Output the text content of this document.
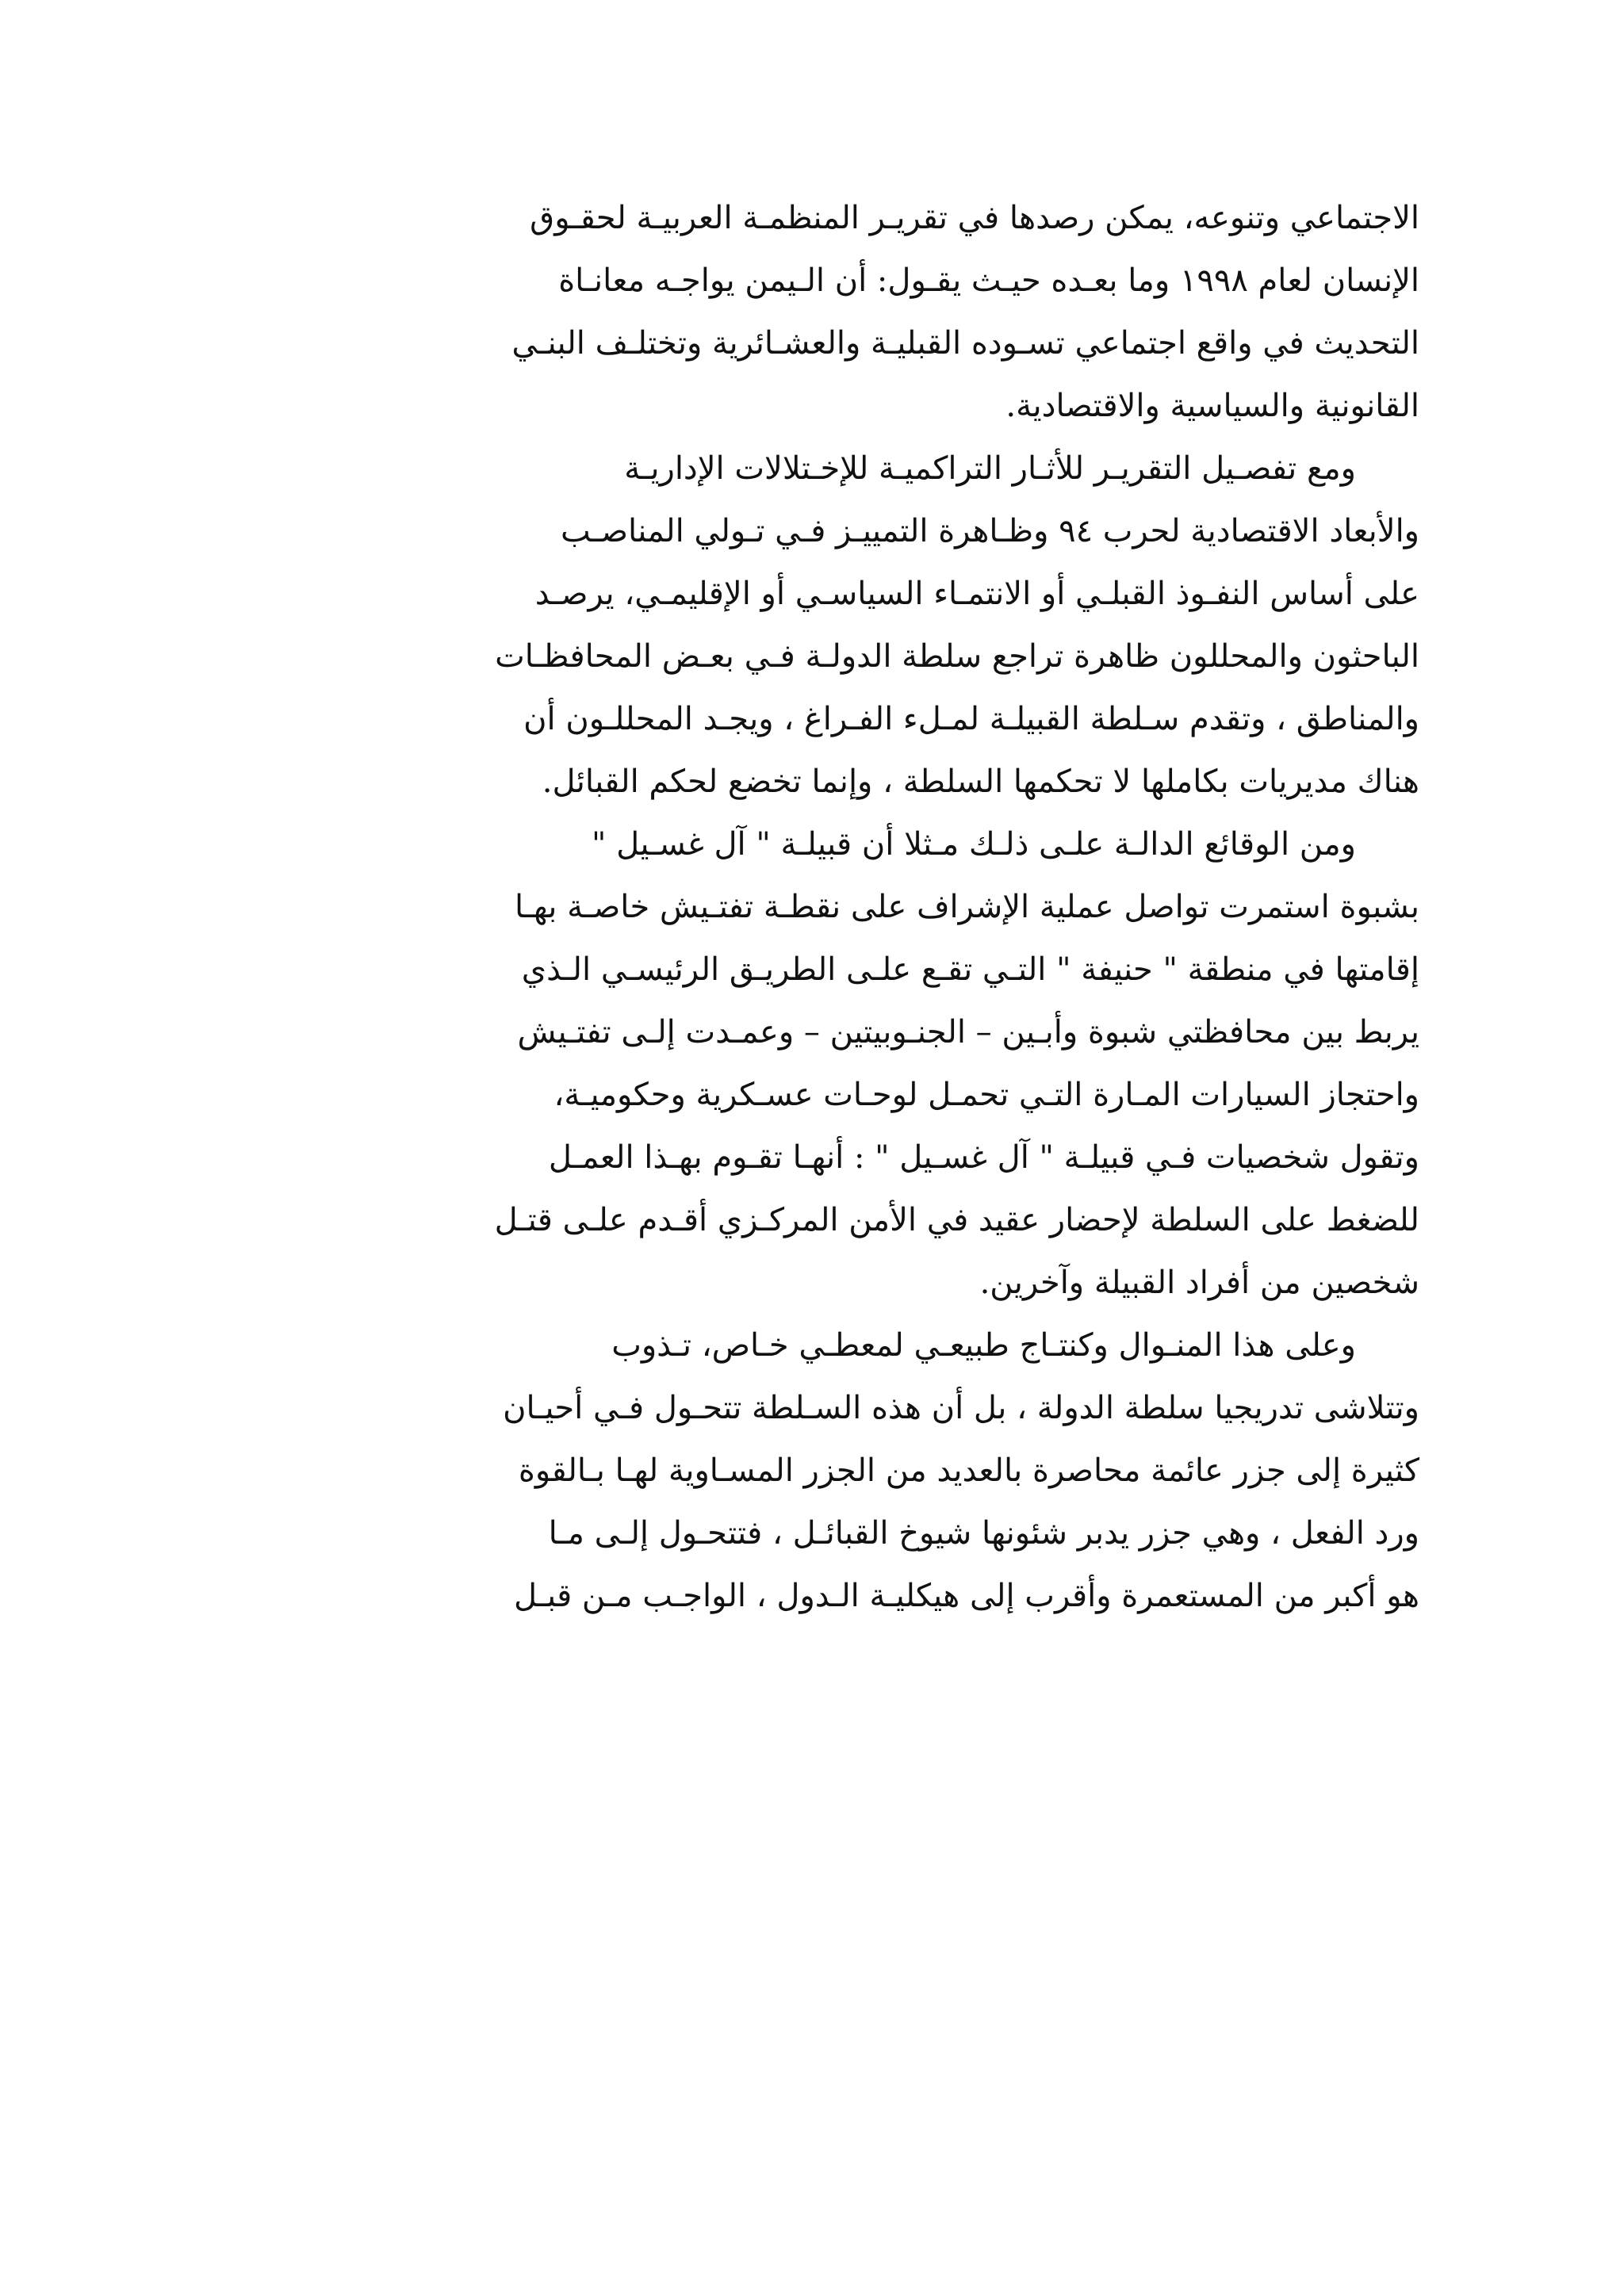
الاجتماعي وتنوعه، يمكن رصدها في تقريـر المنظمـة العربيـة لحقـوق
الإنسان لعام ١٩٩٨ وما بعـده حيـث يقـول: أن الـيمن يواجـه معانـاة
التحديث في واقع اجتماعي تسـوده القبليـة والعشـائرية وتختلـف البنـي
القانونية والسياسية والاقتصادية.

ومع تفصـيل التقريـر للأثـار التراكميـة للإخـتلالات الإداريـة
والأبعاد الاقتصادية لحرب ٩٤ وظـاهرة التمييـز فـي تـولي المناصـب
على أساس النفـوذ القبلـي أو الانتمـاء السياسـي أو الإقليمـي، يرصـد
الباحثون والمحللون ظاهرة تراجع سلطة الدولـة فـي بعـض المحافظـات
والمناطق ، وتقدم سـلطة القبيلـة لمـلء الفـراغ ، ويجـد المحللـون أن
هناك مديريات بكاملها لا تحكمها السلطة ، وإنما تخضع لحكم القبائل.

ومن الوقائع الدالـة علـى ذلـك مـثلا أن قبيلـة " آل غسـيل "
بشبوة استمرت تواصل عملية الإشراف على نقطـة تفتـيش خاصـة بهـا
إقامتها في منطقة " حنيفة " التـي تقـع علـى الطريـق الرئيسـي الـذي
يربط بين محافظتي شبوة وأبـين – الجنـوبيتين – وعمـدت إلـى تفتـيش
واحتجاز السيارات المـارة التـي تحمـل لوحـات عسـكرية وحكوميـة،
وتقول شخصيات فـي قبيلـة " آل غسـيل " : أنهـا تقـوم بهـذا العمـل
للضغط على السلطة لإحضار عقيد في الأمن المركـزي أقـدم علـى قتـل
شخصين من أفراد القبيلة وآخرين.

وعلى هذا المنـوال وكنتـاج طبيعـي لمعطـي خـاص، تـذوب
وتتلاشى تدريجيا سلطة الدولة ، بل أن هذه السـلطة تتحـول فـي أحيـان
كثيرة إلى جزر عائمة محاصرة بالعديد من الجزر المسـاوية لهـا بـالقوة
ورد الفعل ، وهي جزر يدبر شئونها شيوخ القبائـل ، فتتحـول إلـى مـا
هو أكبر من المستعمرة وأقرب إلى هيكليـة الـدول ، الواجـب مـن قبـل
